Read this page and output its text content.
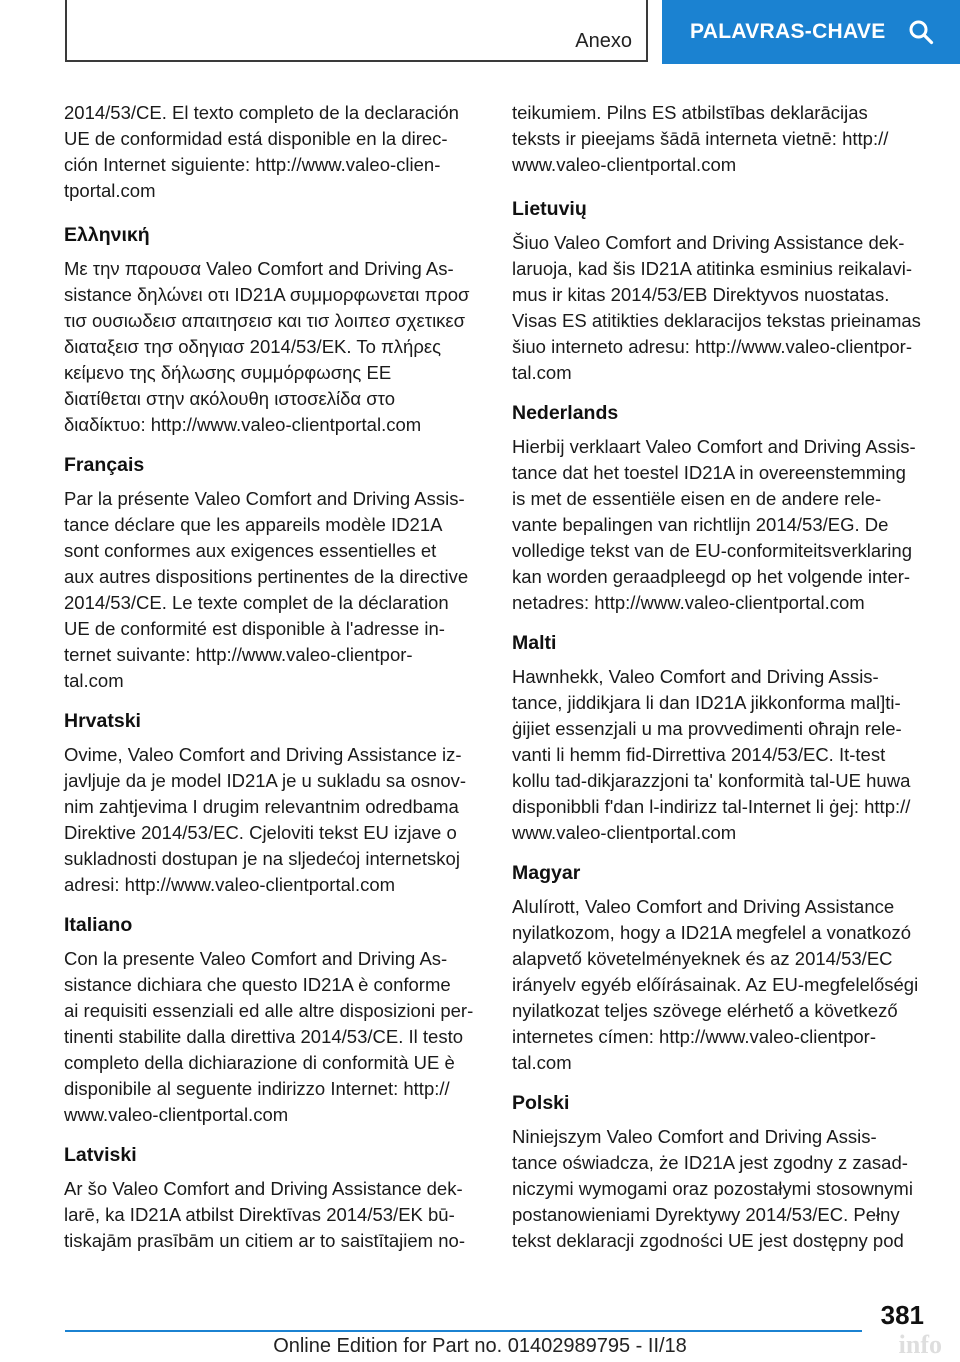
Anexo	PALAVRAS-CHAVE

2014/53/CE. El texto completo de la declaración
UE de conformidad está disponible en la direc-
ción Internet siguiente: http://www.valeo-clien-
tportal.com

Ελληνική

Με την παρουσα Valeo Comfort and Driving As-
sistance δηλώνει οτι ID21A συμμορφωνεται προσ
τισ ουσιωδεισ απαιτησεισ και τισ λοιπεσ σχετικεσ
διαταξεισ τησ οδηγιασ 2014/53/ΕΚ. Το πλήρες
κείμενο της δήλωσης συμμόρφωσης ΕΕ
διατίθεται στην ακόλουθη ιστοσελίδα στο
διαδίκτυο: http://www.valeo-clientportal.com

Français

Par la présente Valeo Comfort and Driving Assis-
tance déclare que les appareils modèle ID21A
sont conformes aux exigences essentielles et
aux autres dispositions pertinentes de la directive
2014/53/CE. Le texte complet de la déclaration
UE de conformité est disponible à l'adresse in-
ternet suivante: http://www.valeo-clientpor-
tal.com

Hrvatski

Ovime, Valeo Comfort and Driving Assistance iz-
javljuje da je model ID21A je u sukladu sa osnov-
nim zahtjevima I drugim relevantnim odredbama
Direktive 2014/53/EC. Cjeloviti tekst EU izjave o
sukladnosti dostupan je na sljedećoj internetskoj
adresi: http://www.valeo-clientportal.com

Italiano

Con la presente Valeo Comfort and Driving As-
sistance dichiara che questo ID21A è conforme
ai requisiti essenziali ed alle altre disposizioni per-
tinenti stabilite dalla direttiva 2014/53/CE. Il testo
completo della dichiarazione di conformità UE è
disponibile al seguente indirizzo Internet: http://
www.valeo-clientportal.com

Latviski

Ar šo Valeo Comfort and Driving Assistance dek-
larē, ka ID21A atbilst Direktīvas 2014/53/EK bū-
tiskajām prasībām un citiem ar to saistītajiem no-

teikumiem. Pilns ES atbilstības deklarācijas
teksts ir pieejams šādā interneta vietnē: http://
www.valeo-clientportal.com

Lietuvių

Šiuo Valeo Comfort and Driving Assistance dek-
laruoja, kad šis ID21A atitinka esminius reikalavi-
mus ir kitas 2014/53/EB Direktyvos nuostatas.
Visas ES atitikties deklaracijos tekstas prieinamas
šiuo interneto adresu: http://www.valeo-clientpor-
tal.com

Nederlands

Hierbij verklaart Valeo Comfort and Driving Assis-
tance dat het toestel ID21A in overeenstemming
is met de essentiële eisen en de andere rele-
vante bepalingen van richtlijn 2014/53/EG. De
volledige tekst van de EU-conformiteitsverklaring
kan worden geraadpleegd op het volgende inter-
netadres: http://www.valeo-clientportal.com

Malti

Hawnhekk, Valeo Comfort and Driving Assis-
tance, jiddikjara li dan ID21A jikkonforma mal]ti-
ġijiet essenzjali u ma provvedimenti oħrajn rele-
vanti li hemm fid-Dirrettiva 2014/53/EC. It-test
kollu tad-dikjarazzjoni ta' konformità tal-UE huwa
disponibbli f'dan l-indirizz tal-Internet li ġej: http://
www.valeo-clientportal.com

Magyar

Alulírott, Valeo Comfort and Driving Assistance
nyilatkozom, hogy a ID21A megfelel a vonatkozó
alapvető követelményeknek és az 2014/53/EC
irányelv egyéb előírásainak. Az EU-megfelelőségi
nyilatkozat teljes szövege elérhető a következő
internetes címen: http://www.valeo-clientpor-
tal.com

Polski

Niniejszym Valeo Comfort and Driving Assis-
tance oświadcza, że ID21A jest zgodny z zasad-
niczymi wymogami oraz pozostałymi stosownymi
postanowieniami Dyrektywy 2014/53/EC. Pełny
tekst deklaracji zgodności UE jest dostępny pod

381
Online Edition for Part no. 01402989795 - II/18	info
